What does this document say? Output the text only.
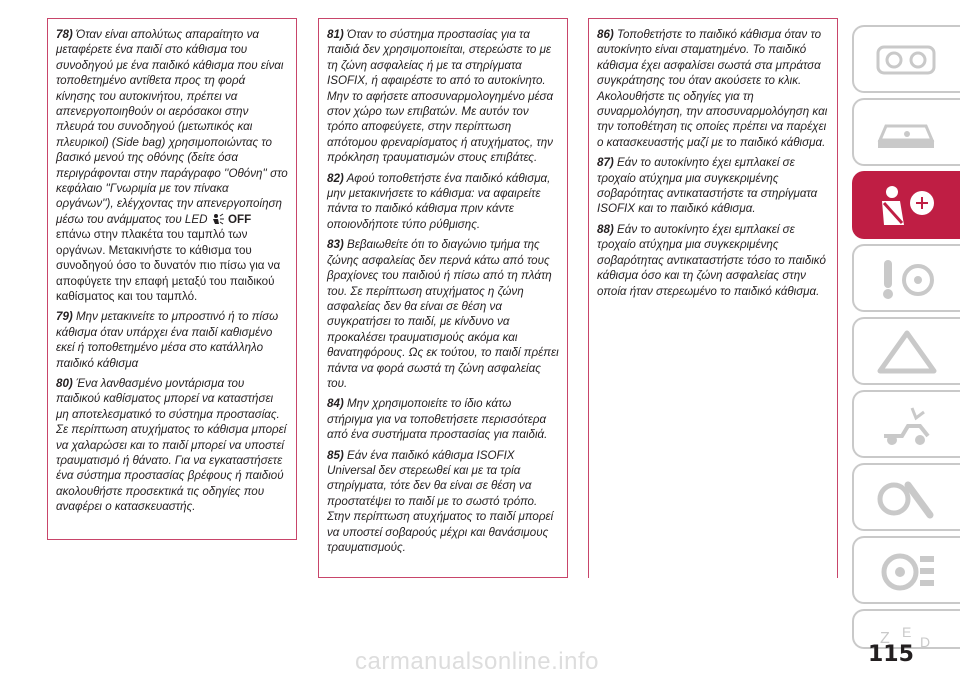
78) Όταν είναι απολύτως απαραίτητο να μεταφέρετε ένα παιδί στο κάθισμα του συνοδηγού με ένα παιδικό κάθισμα που είναι τοποθετημένο αντίθετα προς τη φορά κίνησης του αυτοκινήτου, πρέπει να απενεργοποιηθούν οι αερόσακοι στην πλευρά του συνοδηγού (μετωπικός και πλευρικοί) (Side bag) χρησιμοποιώντας το βασικό μενού της οθόνης (δείτε όσα περιγράφονται στην παράγραφο ''Οθόνη'' στο κεφάλαιο ''Γνωριμία με τον πίνακα οργάνων''), ελέγχοντας την απενεργοποίηση μέσω του ανάμματος του LED OFF επάνω στην πλακέτα του ταμπλό των οργάνων. Μετακινήστε το κάθισμα του συνοδηγού όσο το δυνατόν πιο πίσω για να αποφύγετε την επαφή μεταξύ του παιδικού καθίσματος και του ταμπλό.

79) Μην μετακινείτε το μπροστινό ή το πίσω κάθισμα όταν υπάρχει ένα παιδί καθισμένο εκεί ή τοποθετημένο μέσα στο κατάλληλο παιδικό κάθισμα

80) Ένα λανθασμένο μοντάρισμα του παιδικού καθίσματος μπορεί να καταστήσει μη αποτελεσματικό το σύστημα προστασίας. Σε περίπτωση ατυχήματος το κάθισμα μπορεί να χαλαρώσει και το παιδί μπορεί να υποστεί τραυματισμό ή θάνατο. Για να εγκαταστήσετε ένα σύστημα προστασίας βρέφους ή παιδιού ακολουθήστε προσεκτικά τις οδηγίες που αναφέρει ο κατασκευαστής.

81) Όταν το σύστημα προστασίας για τα παιδιά δεν χρησιμοποιείται, στερεώστε το με τη ζώνη ασφαλείας ή με τα στηρίγματα ISOFIX, ή αφαιρέστε το από το αυτοκίνητο. Μην το αφήσετε αποσυναρμολογημένο μέσα στον χώρο των επιβατών. Με αυτόν τον τρόπο αποφεύγετε, στην περίπτωση απότομου φρεναρίσματος ή ατυχήματος, την πρόκληση τραυματισμών στους επιβάτες.

82) Αφού τοποθετήστε ένα παιδικό κάθισμα, μην μετακινήσετε το κάθισμα: να αφαιρείτε πάντα το παιδικό κάθισμα πριν κάντε οποιονδήποτε τύπο ρύθμισης.

83) Βεβαιωθείτε ότι το διαγώνιο τμήμα της ζώνης ασφαλείας δεν περνά κάτω από τους βραχίονες του παιδιού ή πίσω από τη πλάτη του. Σε περίπτωση ατυχήματος η ζώνη ασφαλείας δεν θα είναι σε θέση να συγκρατήσει το παιδί, με κίνδυνο να προκαλέσει τραυματισμούς ακόμα και θανατηφόρους. Ως εκ τούτου, το παιδί πρέπει πάντα να φορά σωστά τη ζώνη ασφαλείας του.

84) Μην χρησιμοποιείτε το ίδιο κάτω στήριγμα για να τοποθετήσετε περισσότερα από ένα συστήματα προστασίας για παιδιά.

85) Εάν ένα παιδικό κάθισμα ISOFIX Universal δεν στερεωθεί και με τα τρία στηρίγματα, τότε δεν θα είναι σε θέση να προστατέψει το παιδί με το σωστό τρόπο. Στην περίπτωση ατυχήματος το παιδί μπορεί να υποστεί σοβαρούς μέχρι και θανάσιμους τραυματισμούς.

86) Τοποθετήστε το παιδικό κάθισμα όταν το αυτοκίνητο είναι σταματημένο. Το παιδικό κάθισμα έχει ασφαλίσει σωστά στα μπράτσα συγκράτησης του όταν ακούσετε το κλικ. Ακολουθήστε τις οδηγίες για τη συναρμολόγηση, την αποσυναρμολόγηση και την τοποθέτηση τις οποίες πρέπει να παρέχει ο κατασκευαστής μαζί με το παιδικό κάθισμα.

87) Εάν το αυτοκίνητο έχει εμπλακεί σε τροχαίο ατύχημα μια συγκεκριμένης σοβαρότητας αντικαταστήστε τα στηρίγματα ISOFIX και το παιδικό κάθισμα.

88) Εάν το αυτοκίνητο έχει εμπλακεί σε τροχαίο ατύχημα μια συγκεκριμένης σοβαρότητας αντικαταστήστε τόσο το παιδικό κάθισμα όσο και τη ζώνη ασφαλείας στην οποία ήταν στερεωμένο το παιδικό κάθισμα.

Z E
D
115
carmanualsonline.info
